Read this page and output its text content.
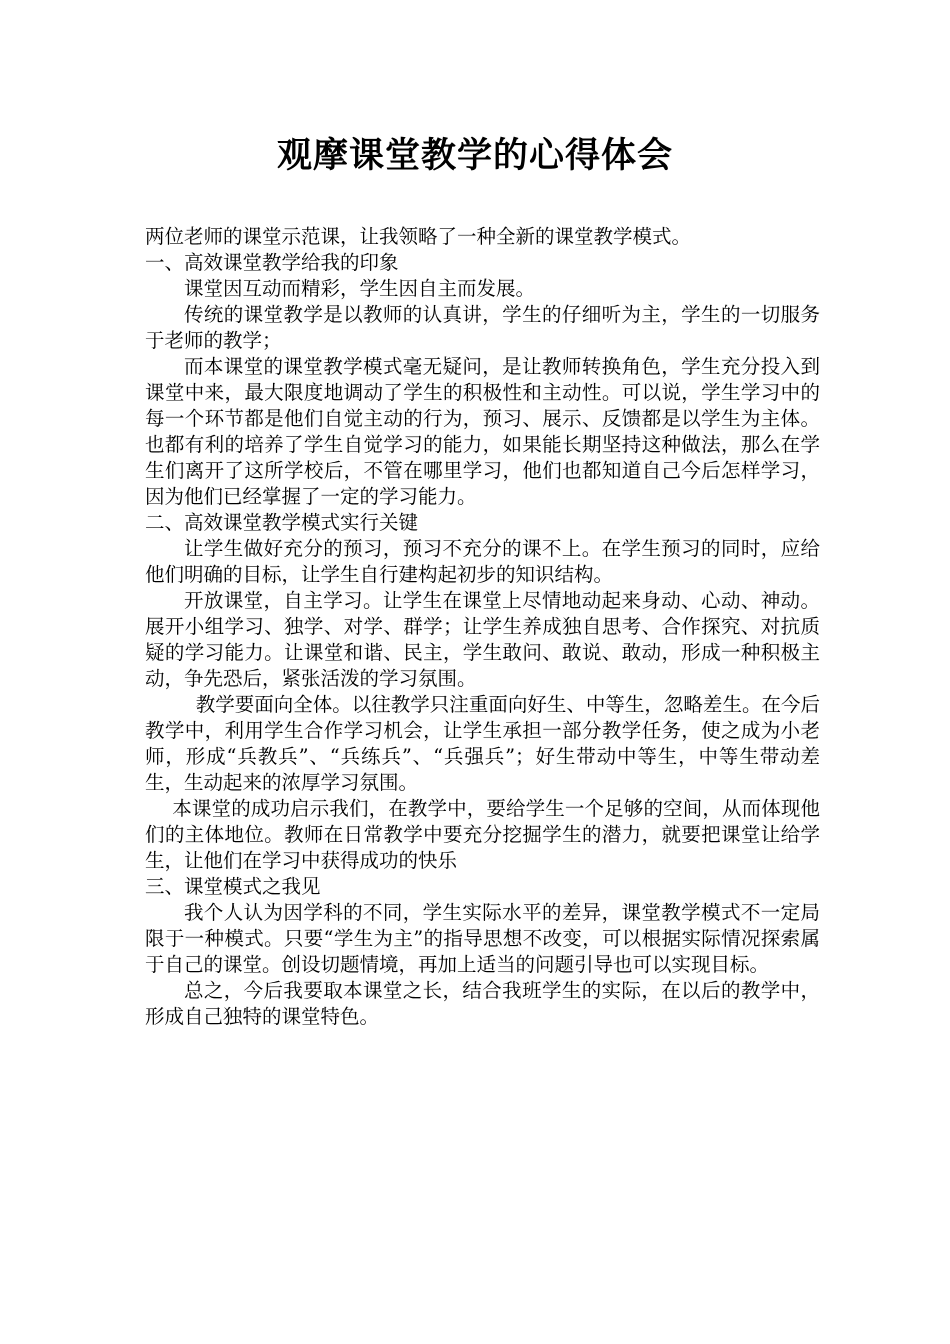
观摩课堂教学的心得体会

两位老师的课堂示范课，让我领略了一种全新的课堂教学模式。

一、高效课堂教学给我的印象

课堂因互动而精彩，学生因自主而发展。

传统的课堂教学是以教师的认真讲，学生的仔细听为主，学生的一切服务于老师的教学；

而本课堂的课堂教学模式毫无疑问，是让教师转换角色，学生充分投入到课堂中来，最大限度地调动了学生的积极性和主动性。可以说，学生学习中的每一个环节都是他们自觉主动的行为，预习、展示、反馈都是以学生为主体。也都有利的培养了学生自觉学习的能力，如果能长期坚持这种做法，那么在学生们离开了这所学校后，不管在哪里学习，他们也都知道自己今后怎样学习，因为他们已经掌握了一定的学习能力。

二、高效课堂教学模式实行关键

让学生做好充分的预习，预习不充分的课不上。在学生预习的同时，应给他们明确的目标，让学生自行建构起初步的知识结构。

开放课堂，自主学习。让学生在课堂上尽情地动起来身动、心动、神动。展开小组学习、独学、对学、群学；让学生养成独自思考、合作探究、对抗质疑的学习能力。让课堂和谐、民主，学生敢问、敢说、敢动，形成一种积极主动，争先恐后，紧张活泼的学习氛围。

教学要面向全体。以往教学只注重面向好生、中等生，忽略差生。在今后教学中，利用学生合作学习机会，让学生承担一部分教学任务，使之成为小老师，形成“兵教兵”、“兵练兵”、“兵强兵”；好生带动中等生，中等生带动差生，生动起来的浓厚学习氛围。

本课堂的成功启示我们，在教学中，要给学生一个足够的空间，从而体现他们的主体地位。教师在日常教学中要充分挖掘学生的潜力，就要把课堂让给学生，让他们在学习中获得成功的快乐

三、课堂模式之我见

我个人认为因学科的不同，学生实际水平的差异，课堂教学模式不一定局限于一种模式。只要“学生为主”的指导思想不改变，可以根据实际情况探索属于自己的课堂。创设切题情境，再加上适当的问题引导也可以实现目标。

总之，今后我要取本课堂之长，结合我班学生的实际，在以后的教学中，形成自己独特的课堂特色。
